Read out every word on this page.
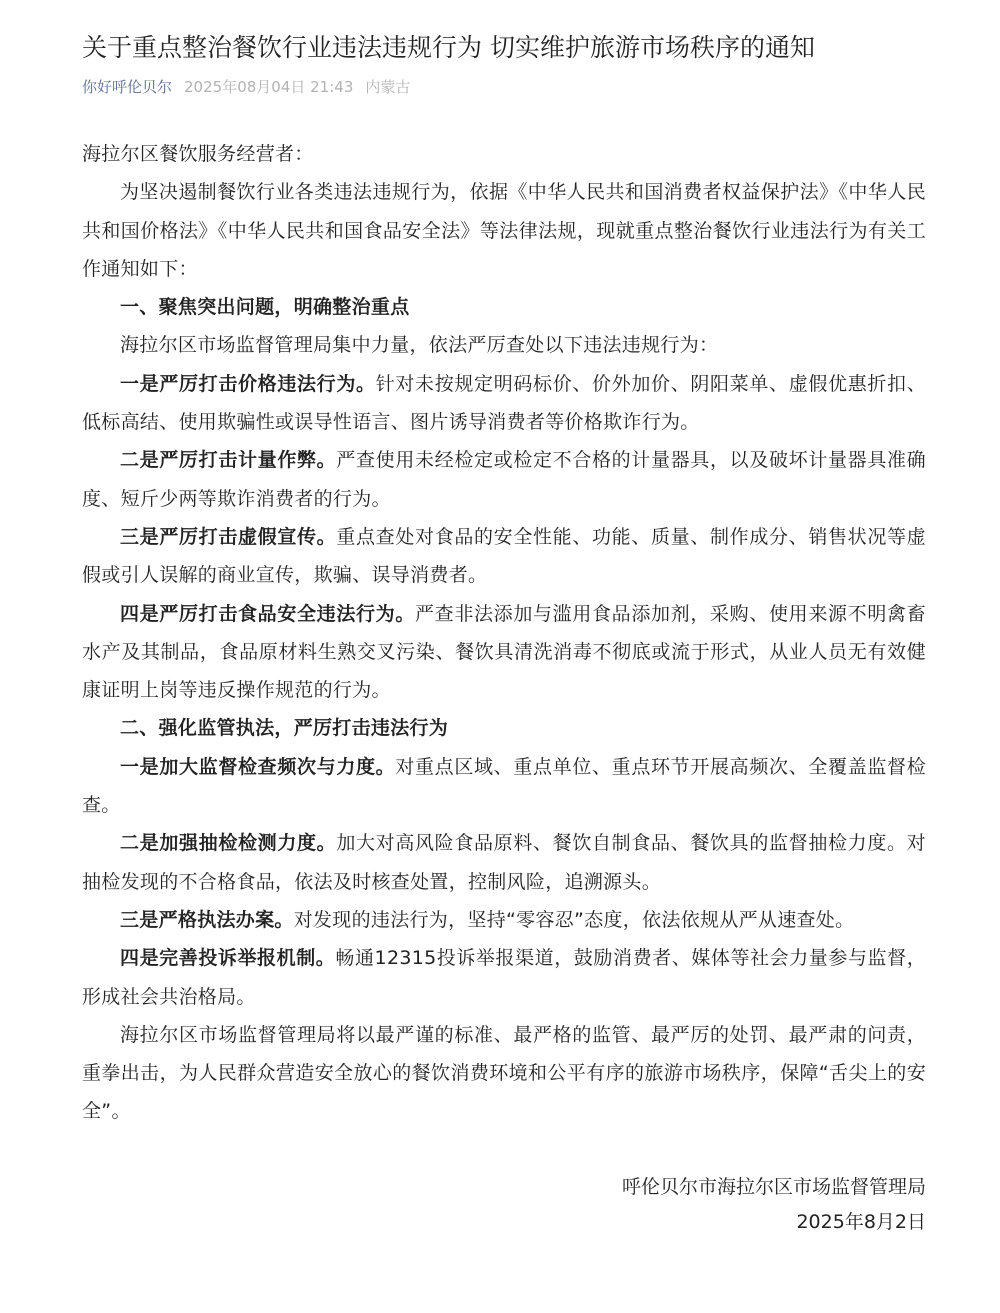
关于重点整治餐饮行业违法违规行为 切实维护旅游市场秩序的通知
你好呼伦贝尔 2025年08月04日 21:43 内蒙古

海拉尔区餐饮服务经营者：

为坚决遏制餐饮行业各类违法违规行为，依据《中华人民共和国消费者权益保护法》《中华人民共和国价格法》《中华人民共和国食品安全法》等法律法规，现就重点整治餐饮行业违法行为有关工作通知如下：

一、聚焦突出问题，明确整治重点

海拉尔区市场监督管理局集中力量，依法严厉查处以下违法违规行为：

一是严厉打击价格违法行为。针对未按规定明码标价、价外加价、阴阳菜单、虚假优惠折扣、低标高结、使用欺骗性或误导性语言、图片诱导消费者等价格欺诈行为。

二是严厉打击计量作弊。严查使用未经检定或检定不合格的计量器具，以及破坏计量器具准确度、短斤少两等欺诈消费者的行为。

三是严厉打击虚假宣传。重点查处对食品的安全性能、功能、质量、制作成分、销售状况等虚假或引人误解的商业宣传，欺骗、误导消费者。

四是严厉打击食品安全违法行为。严查非法添加与滥用食品添加剂，采购、使用来源不明禽畜水产及其制品，食品原材料生熟交叉污染、餐饮具清洗消毒不彻底或流于形式，从业人员无有效健康证明上岗等违反操作规范的行为。

二、强化监管执法，严厉打击违法行为

一是加大监督检查频次与力度。对重点区域、重点单位、重点环节开展高频次、全覆盖监督检查。

二是加强抽检检测力度。加大对高风险食品原料、餐饮自制食品、餐饮具的监督抽检力度。对抽检发现的不合格食品，依法及时核查处置，控制风险，追溯源头。

三是严格执法办案。对发现的违法行为，坚持“零容忍”态度，依法依规从严从速查处。

四是完善投诉举报机制。畅通12315投诉举报渠道，鼓励消费者、媒体等社会力量参与监督，形成社会共治格局。

海拉尔区市场监督管理局将以最严谨的标准、最严格的监管、最严厉的处罚、最严肃的问责，重拳出击，为人民群众营造安全放心的餐饮消费环境和公平有序的旅游市场秩序，保障“舌尖上的安全”。

呼伦贝尔市海拉尔区市场监督管理局
2025年8月2日
